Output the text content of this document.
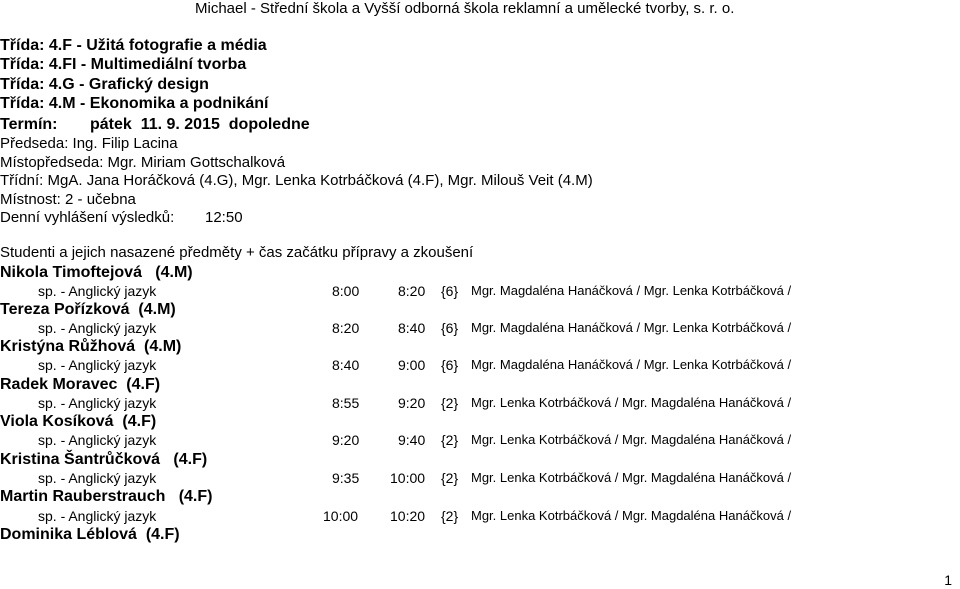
Michael - Střední škola a Vyšší odborná škola reklamní a umělecké tvorby, s. r. o.
Třída: 4.F - Užitá fotografie a média
Třída: 4.FI - Multimediální tvorba
Třída: 4.G - Grafický design
Třída: 4.M - Ekonomika a podnikání
Termín: pátek  11. 9. 2015  dopoledne
Předseda: Ing. Filip Lacina
Místopředseda: Mgr. Miriam Gottschalková
Třídní: MgA. Jana Horáčková (4.G), Mgr. Lenka Kotrbáčková (4.F), Mgr. Milouš Veit (4.M)
Místnost: 2 - učebna
Denní vyhlášení výsledků: 12:50
Studenti a jejich nasazené předměty + čas začátku přípravy a zkoušení
Nikola Timoftejová   (4.M)
sp. - Anglický jazyk	8:00	8:20 {6} Mgr. Magdaléna Hanáčková / Mgr. Lenka Kotrbáčková /
Tereza Pořízková  (4.M)
sp. - Anglický jazyk	8:20	8:40 {6} Mgr. Magdaléna Hanáčková / Mgr. Lenka Kotrbáčková /
Kristýna Růžhová  (4.M)
sp. - Anglický jazyk	8:40	9:00 {6} Mgr. Magdaléna Hanáčková / Mgr. Lenka Kotrbáčková /
Radek Moravec  (4.F)
sp. - Anglický jazyk	8:55	9:20 {2} Mgr. Lenka Kotrbáčková / Mgr. Magdaléna Hanáčková /
Viola Kosíková  (4.F)
sp. - Anglický jazyk	9:20	9:40 {2} Mgr. Lenka Kotrbáčková / Mgr. Magdaléna Hanáčková /
Kristina Šantrůčková   (4.F)
sp. - Anglický jazyk	9:35 10:00 {2} Mgr. Lenka Kotrbáčková / Mgr. Magdaléna Hanáčková /
Martin Rauberstrauch   (4.F)
sp. - Anglický jazyk	10:00 10:20 {2} Mgr. Lenka Kotrbáčková / Mgr. Magdaléna Hanáčková /
Dominika Léblová  (4.F)
1
